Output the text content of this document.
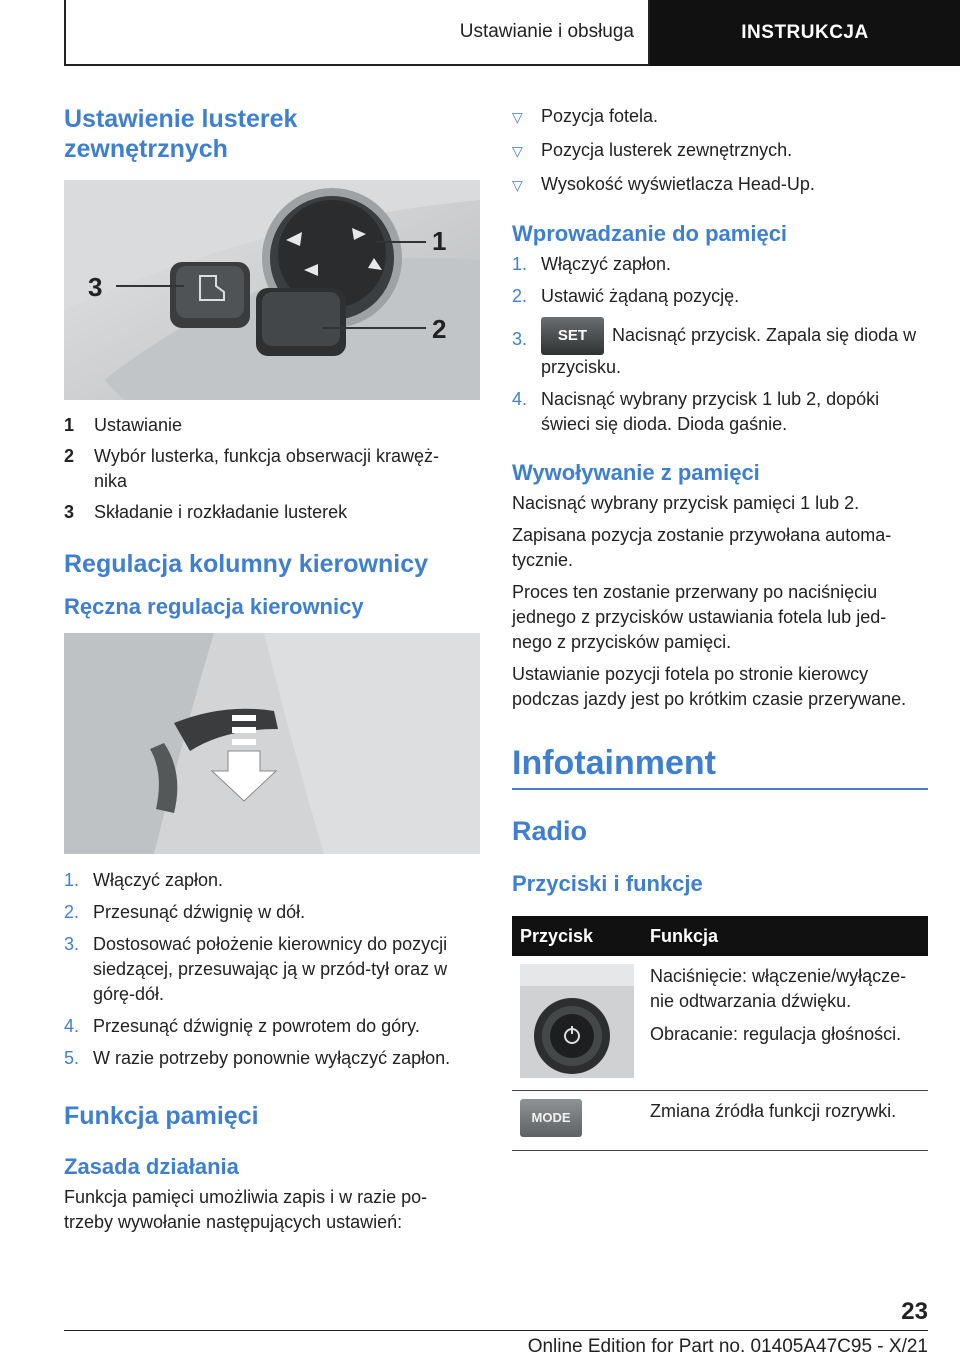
Ustawianie i obsługa	INSTRUKCJA
Ustawienie lusterek zewnętrznych
1
2
3
1	Ustawianie
2	Wybór lusterka, funkcja obserwacji krawęż-nika
3	Składanie i rozkładanie lusterek
Regulacja kolumny kierownicy
Ręczna regulacja kierownicy
1. Włączyć zapłon.
2. Przesunąć dźwignię w dół.
3. Dostosować położenie kierownicy do pozycji siedzącej, przesuwając ją w przód-tył oraz w górę-dół.
4. Przesunąć dźwignię z powrotem do góry.
5. W razie potrzeby ponownie wyłączyć zapłon.
Funkcja pamięci
Zasada działania

Funkcja pamięci umożliwia zapis i w razie po-trzeby wywołanie następujących ustawień:

▽	Pozycja fotela.
▽	Pozycja lusterek zewnętrznych.
▽	Wysokość wyświetlacza Head-Up.
Wprowadzanie do pamięci
1. Włączyć zapłon.
2. Ustawić żądaną pozycję.
3.	SET Nacisnąć przycisk. Zapala się dioda w przycisku.
4. Nacisnąć wybrany przycisk 1 lub 2, dopóki świeci się dioda. Dioda gaśnie.
Wywoływanie z pamięci

Nacisnąć wybrany przycisk pamięci 1 lub 2.

Zapisana pozycja zostanie przywołana automa-tycznie.

Proces ten zostanie przerwany po naciśnięciu jednego z przycisków ustawiania fotela lub jed-nego z przycisków pamięci.

Ustawianie pozycji fotela po stronie kierowcy podczas jazdy jest po krótkim czasie przerywane.

Infotainment
Radio
Przyciski i funkcje
Przycisk	Funkcja

Naciśnięcie: włączenie/wyłącze-nie odtwarzania dźwięku.
Obracanie: regulacja głośności.

MODE	Zmiana źródła funkcji rozrywki.
23
Online Edition for Part no. 01405A47C95 - X/21
